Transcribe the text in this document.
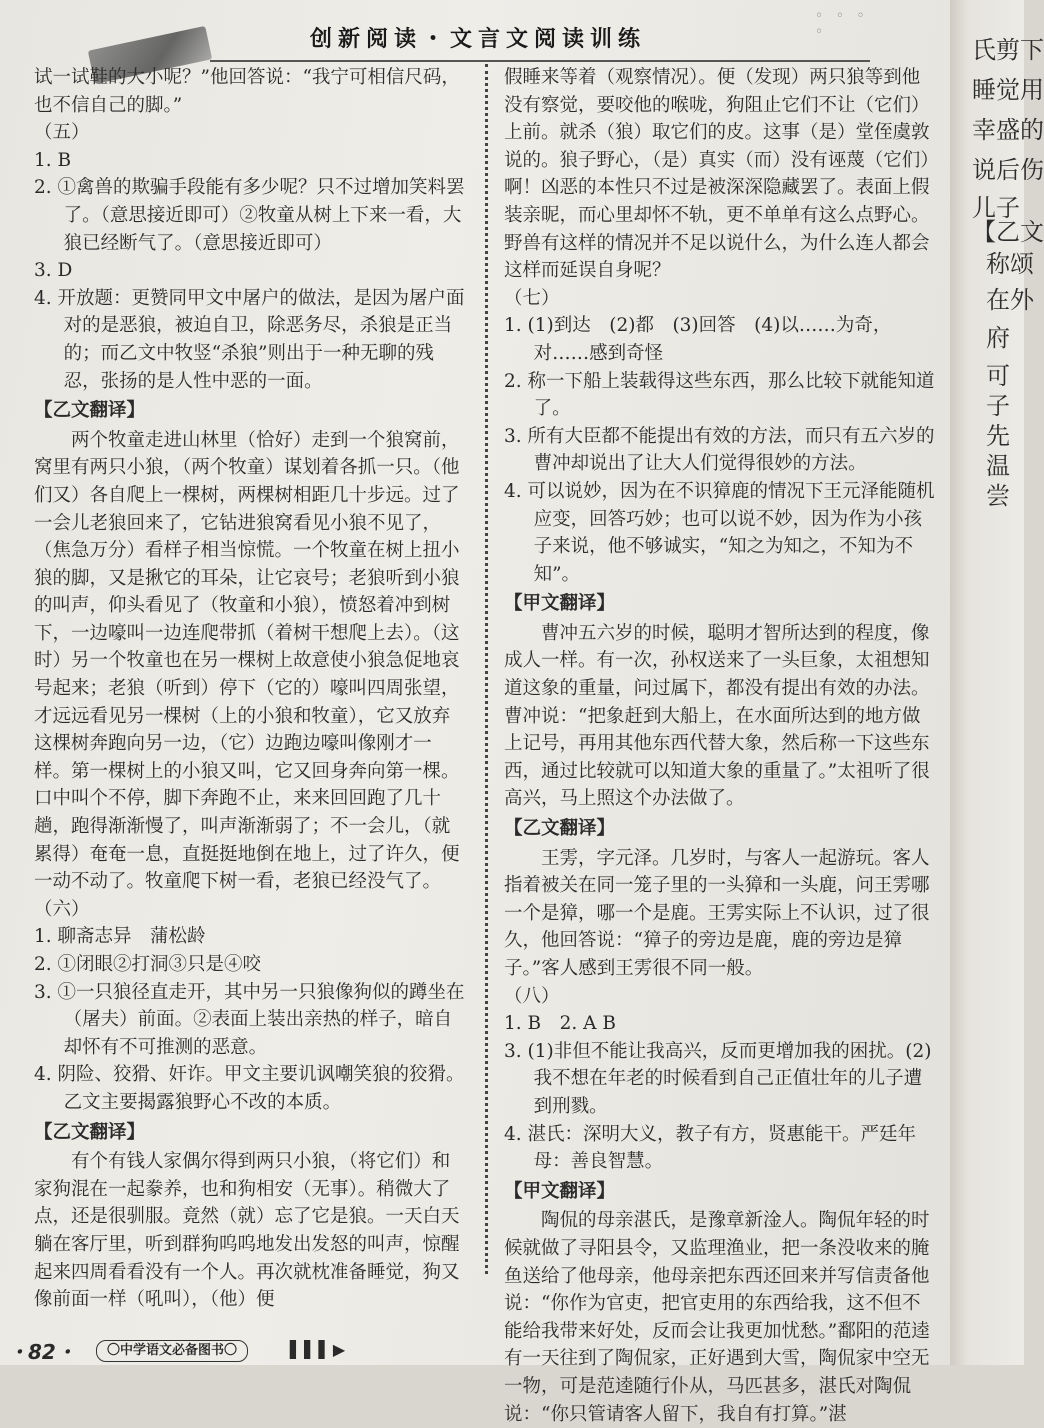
◦ ◦ ◦ ◦
创新阅读・文言文阅读训练

试一试鞋的大小呢？”他回答说：“我宁可相信尺码，也不信自己的脚。”

（五）

1. B

2. ①禽兽的欺骗手段能有多少呢？只不过增加笑料罢了。（意思接近即可）②牧童从树上下来一看，大狼已经断气了。（意思接近即可）

3. D

4. 开放题：更赞同甲文中屠户的做法，是因为屠户面对的是恶狼，被迫自卫，除恶务尽，杀狼是正当的；而乙文中牧竖“杀狼”则出于一种无聊的残忍，张扬的是人性中恶的一面。

【乙文翻译】

两个牧童走进山林里（恰好）走到一个狼窝前，窝里有两只小狼，（两个牧童）谋划着各抓一只。（他们又）各自爬上一棵树，两棵树相距几十步远。过了一会儿老狼回来了，它钻进狼窝看见小狼不见了，（焦急万分）看样子相当惊慌。一个牧童在树上扭小狼的脚，又是揪它的耳朵，让它哀号；老狼听到小狼的叫声，仰头看见了（牧童和小狼），愤怒着冲到树下，一边嚎叫一边连爬带抓（着树干想爬上去）。（这时）另一个牧童也在另一棵树上故意使小狼急促地哀号起来；老狼（听到）停下（它的）嚎叫四周张望，才远远看见另一棵树（上的小狼和牧童），它又放弃这棵树奔跑向另一边，（它）边跑边嚎叫像刚才一样。第一棵树上的小狼又叫，它又回身奔向第一棵。口中叫个不停，脚下奔跑不止，来来回回跑了几十趟，跑得渐渐慢了，叫声渐渐弱了；不一会儿，（就累得）奄奄一息，直挺挺地倒在地上，过了许久，便一动不动了。牧童爬下树一看，老狼已经没气了。

（六）

1. 聊斋志异　蒲松龄

2. ①闭眼②打洞③只是④咬

3. ①一只狼径直走开，其中另一只狼像狗似的蹲坐在（屠夫）前面。②表面上装出亲热的样子，暗自却怀有不可推测的恶意。

4. 阴险、狡猾、奸诈。甲文主要讥讽嘲笑狼的狡猾。乙文主要揭露狼野心不改的本质。

【乙文翻译】

有个有钱人家偶尔得到两只小狼，（将它们）和家狗混在一起豢养，也和狗相安（无事）。稍微大了点，还是很驯服。竟然（就）忘了它是狼。一天白天躺在客厅里，听到群狗呜呜地发出发怒的叫声，惊醒起来四周看看没有一个人。再次就枕准备睡觉，狗又像前面一样（吼叫），（他）便

假睡来等着（观察情况）。便（发现）两只狼等到他没有察觉，要咬他的喉咙，狗阻止它们不让（它们）上前。就杀（狼）取它们的皮。这事（是）堂侄虞敦说的。狼子野心，（是）真实（而）没有诬蔑（它们）啊！凶恶的本性只不过是被深深隐藏罢了。表面上假装亲昵，而心里却怀不轨，更不单单有这么点野心。野兽有这样的情况并不足以说什么，为什么连人都会这样而延误自身呢？

（七）

1. (1)到达　(2)都　(3)回答　(4)以……为奇，对……感到奇怪

2. 称一下船上装载得这些东西，那么比较下就能知道了。

3. 所有大臣都不能提出有效的方法，而只有五六岁的曹冲却说出了让大人们觉得很妙的方法。

4. 可以说妙，因为在不识獐鹿的情况下王元泽能随机应变，回答巧妙；也可以说不妙，因为作为小孩子来说，他不够诚实，“知之为知之，不知为不知”。

【甲文翻译】

曹冲五六岁的时候，聪明才智所达到的程度，像成人一样。有一次，孙权送来了一头巨象，太祖想知道这象的重量，问过属下，都没有提出有效的办法。曹冲说：“把象赶到大船上，在水面所达到的地方做上记号，再用其他东西代替大象，然后称一下这些东西，通过比较就可以知道大象的重量了。”太祖听了很高兴，马上照这个办法做了。

【乙文翻译】

王雱，字元泽。几岁时，与客人一起游玩。客人指着被关在同一笼子里的一头獐和一头鹿，问王雱哪一个是獐，哪一个是鹿。王雱实际上不认识，过了很久，他回答说：“獐子的旁边是鹿，鹿的旁边是獐子。”客人感到王雱很不同一般。

（八）

1. B　2. A B

3. (1)非但不能让我高兴，反而更增加我的困扰。(2)我不想在年老的时候看到自己正值壮年的儿子遭到刑戮。

4. 湛氏：深明大义，教子有方，贤惠能干。严廷年母：善良智慧。

【甲文翻译】

陶侃的母亲湛氏，是豫章新淦人。陶侃年轻的时候就做了寻阳县令，又监理渔业，把一条没收来的腌鱼送给了他母亲，他母亲把东西还回来并写信责备他说：“你作为官吏，把官吏用的东西给我，这不但不能给我带来好处，反而会让我更加忧愁。”鄱阳的范逵有一天往到了陶侃家，正好遇到大雪，陶侃家中空无一物，可是范逵随行仆从，马匹甚多，湛氏对陶侃说：“你只管请客人留下，我自有打算。”湛

・82・	〇中学语文必备图书〇	▌▌▌▶
氏剪下
睡觉用
幸盛的
说后伤
儿子
【乙文
称颂
在外
府
可
子
先
温
尝
